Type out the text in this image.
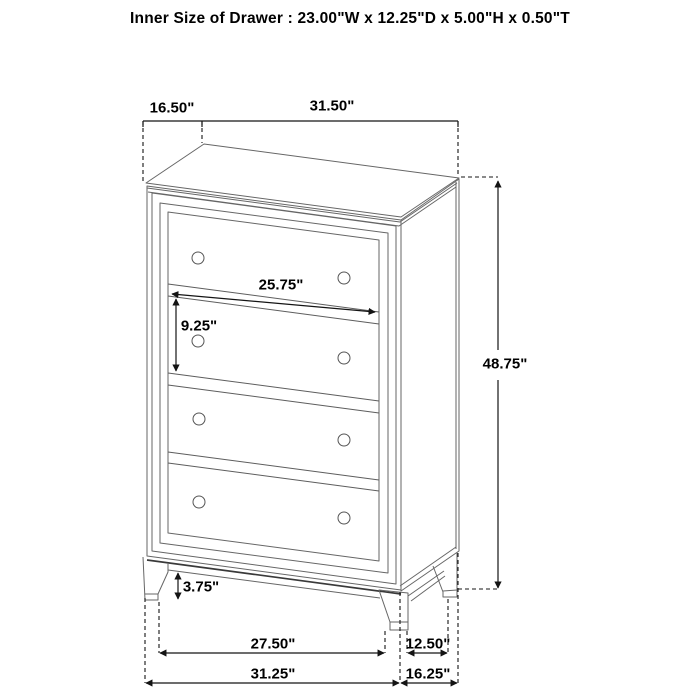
Inner Size of Drawer : 23.00"W x 12.25"D x 5.00"H x 0.50"T
16.50"	31.50"
48.75"
25.75"
9.25"
3.75"
27.50"	12.50"
31.25"	16.25"
